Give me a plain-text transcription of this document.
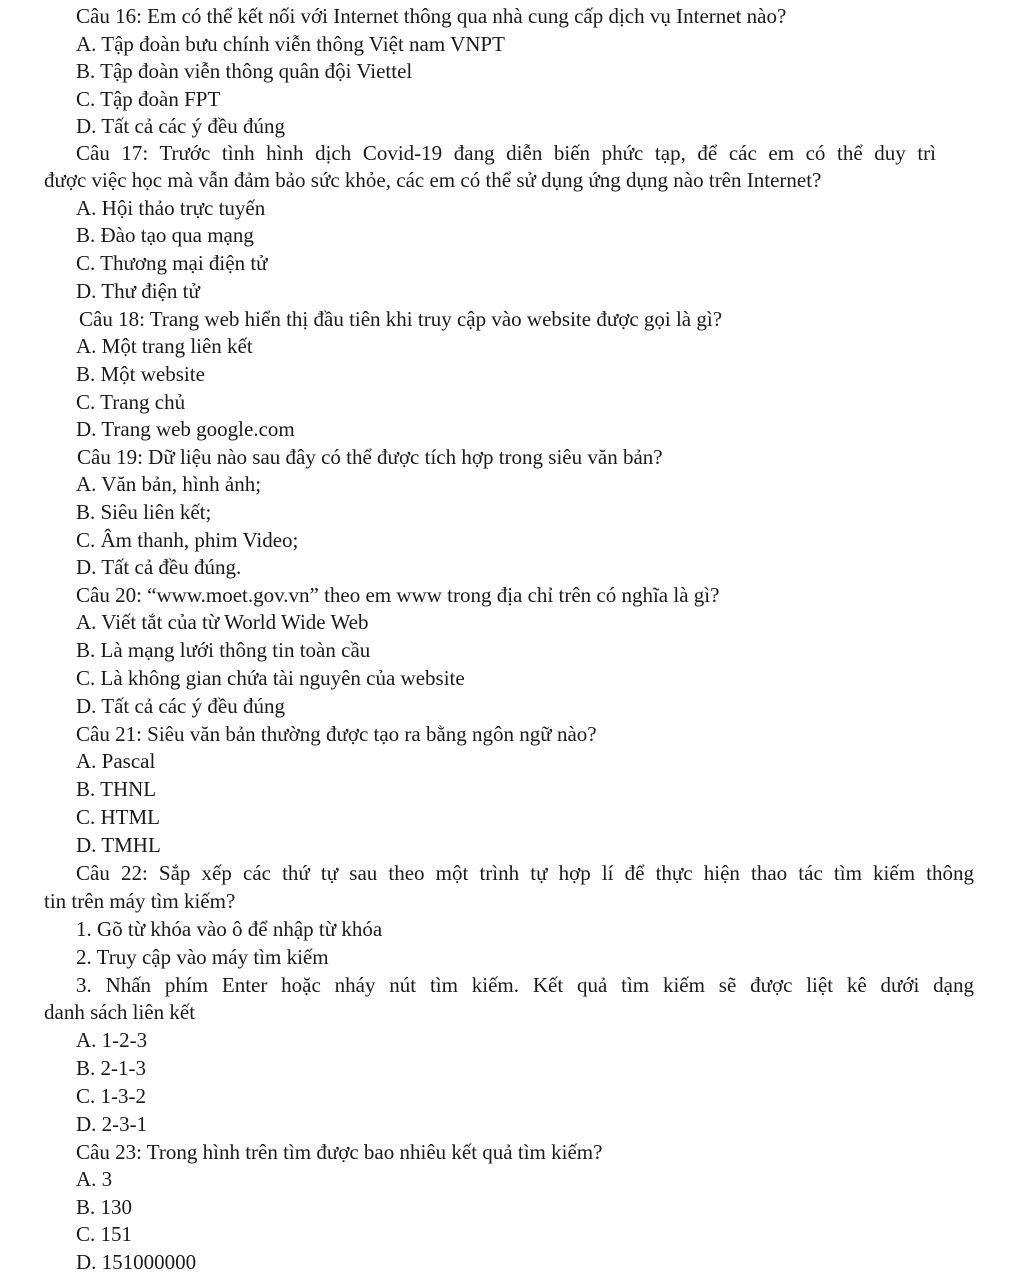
Câu 16: Em có thể kết nối với Internet thông qua nhà cung cấp dịch vụ Internet nào?
A. Tập đoàn bưu chính viễn thông Việt nam VNPT
B. Tập đoàn viễn thông quân đội Viettel
C. Tập đoàn FPT
D. Tất cả các ý đều đúng
Câu 17: Trước tình hình dịch Covid-19 đang diễn biến phức tạp, để các em có thể duy trì
được việc học mà vẫn đảm bảo sức khỏe, các em có thể sử dụng ứng dụng nào trên Internet?
A. Hội thảo trực tuyến
B. Đào tạo qua mạng
C. Thương mại điện tử
D. Thư điện tử
Câu 18: Trang web hiển thị đầu tiên khi truy cập vào website được gọi là gì?
A. Một trang liên kết
B. Một website
C. Trang chủ
D. Trang web google.com
Câu 19: Dữ liệu nào sau đây có thể được tích hợp trong siêu văn bản?
A. Văn bản, hình ảnh;
B. Siêu liên kết;
C. Âm thanh, phim Video;
D. Tất cả đều đúng.
Câu 20: “www.moet.gov.vn” theo em www trong địa chỉ trên có nghĩa là gì?
A. Viết tắt của từ World Wide Web
B. Là mạng lưới thông tin toàn cầu
C. Là không gian chứa tài nguyên của website
D. Tất cả các ý đều đúng
Câu 21: Siêu văn bản thường được tạo ra bằng ngôn ngữ nào?
A. Pascal
B. THNL
C. HTML
D. TMHL
Câu 22: Sắp xếp các thứ tự sau theo một trình tự hợp lí để thực hiện thao tác tìm kiếm thông
tin trên máy tìm kiếm?
1. Gõ từ khóa vào ô để nhập từ khóa
2. Truy cập vào máy tìm kiếm
3. Nhấn phím Enter hoặc nháy nút tìm kiếm. Kết quả tìm kiếm sẽ được liệt kê dưới dạng
danh sách liên kết
A. 1-2-3
B. 2-1-3
C. 1-3-2
D. 2-3-1
Câu 23: Trong hình trên tìm được bao nhiêu kết quả tìm kiếm?
A. 3
B. 130
C. 151
D. 151000000
